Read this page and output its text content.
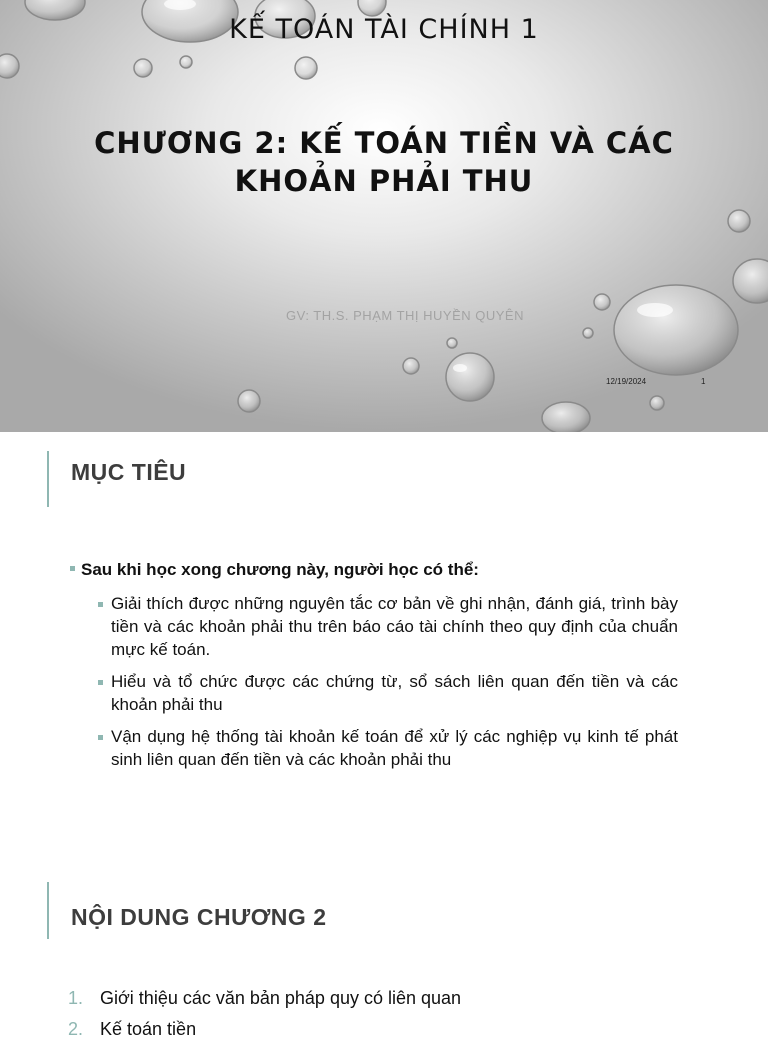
KẾ TOÁN TÀI CHÍNH 1
CHƯƠNG 2: KẾ TOÁN TIỀN VÀ CÁC KHOẢN PHẢI THU
GV: TH.S. PHẠM THỊ HUYỀN QUYÊN
12/19/2024	1
MỤC TIÊU
Sau khi học xong chương này, người học có thể:
Giải thích được những nguyên tắc cơ bản về ghi nhận, đánh giá, trình bày tiền và các khoản phải thu trên báo cáo tài chính theo quy định của chuẩn mực kế toán.
Hiểu và tổ chức được các chứng từ, sổ sách liên quan đến tiền và các khoản phải thu
Vận dụng hệ thống tài khoản kế toán để xử lý các nghiệp vụ kinh tế phát sinh liên quan đến tiền và các khoản phải thu
NỘI DUNG CHƯƠNG 2
1. Giới thiệu các văn bản pháp quy có liên quan
2. Kế toán tiền
